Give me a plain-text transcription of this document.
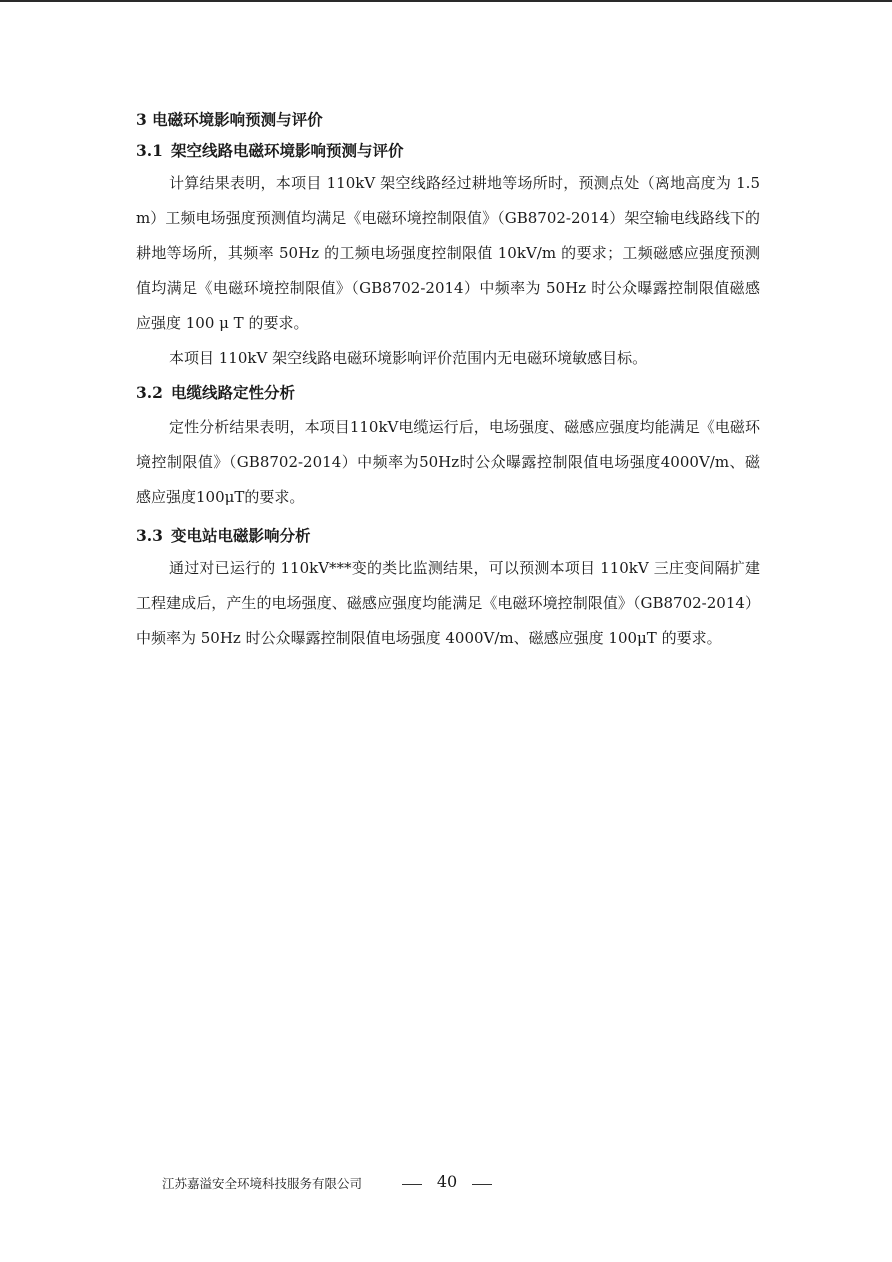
3 电磁环境影响预测与评价
3.1 架空线路电磁环境影响预测与评价

计算结果表明，本项目 110kV 架空线路经过耕地等场所时，预测点处（离地高度为 1.5m）工频电场强度预测值均满足《电磁环境控制限值》（GB8702-2014）架空输电线路线下的耕地等场所，其频率 50Hz 的工频电场强度控制限值 10kV/m 的要求；工频磁感应强度预测值均满足《电磁环境控制限值》（GB8702-2014）中频率为 50Hz 时公众曝露控制限值磁感应强度 100 μ T 的要求。

本项目 110kV 架空线路电磁环境影响评价范围内无电磁环境敏感目标。

3.2 电缆线路定性分析

定性分析结果表明，本项目110kV电缆运行后，电场强度、磁感应强度均能满足《电磁环境控制限值》（GB8702-2014）中频率为50Hz时公众曝露控制限值电场强度4000V/m、磁感应强度100μT的要求。

3.3 变电站电磁影响分析

通过对已运行的 110kV***变的类比监测结果，可以预测本项目 110kV 三庄变间隔扩建工程建成后，产生的电场强度、磁感应强度均能满足《电磁环境控制限值》（GB8702-2014）中频率为 50Hz 时公众曝露控制限值电场强度 4000V/m、磁感应强度 100μT 的要求。

江苏嘉溢安全环境科技服务有限公司	40
